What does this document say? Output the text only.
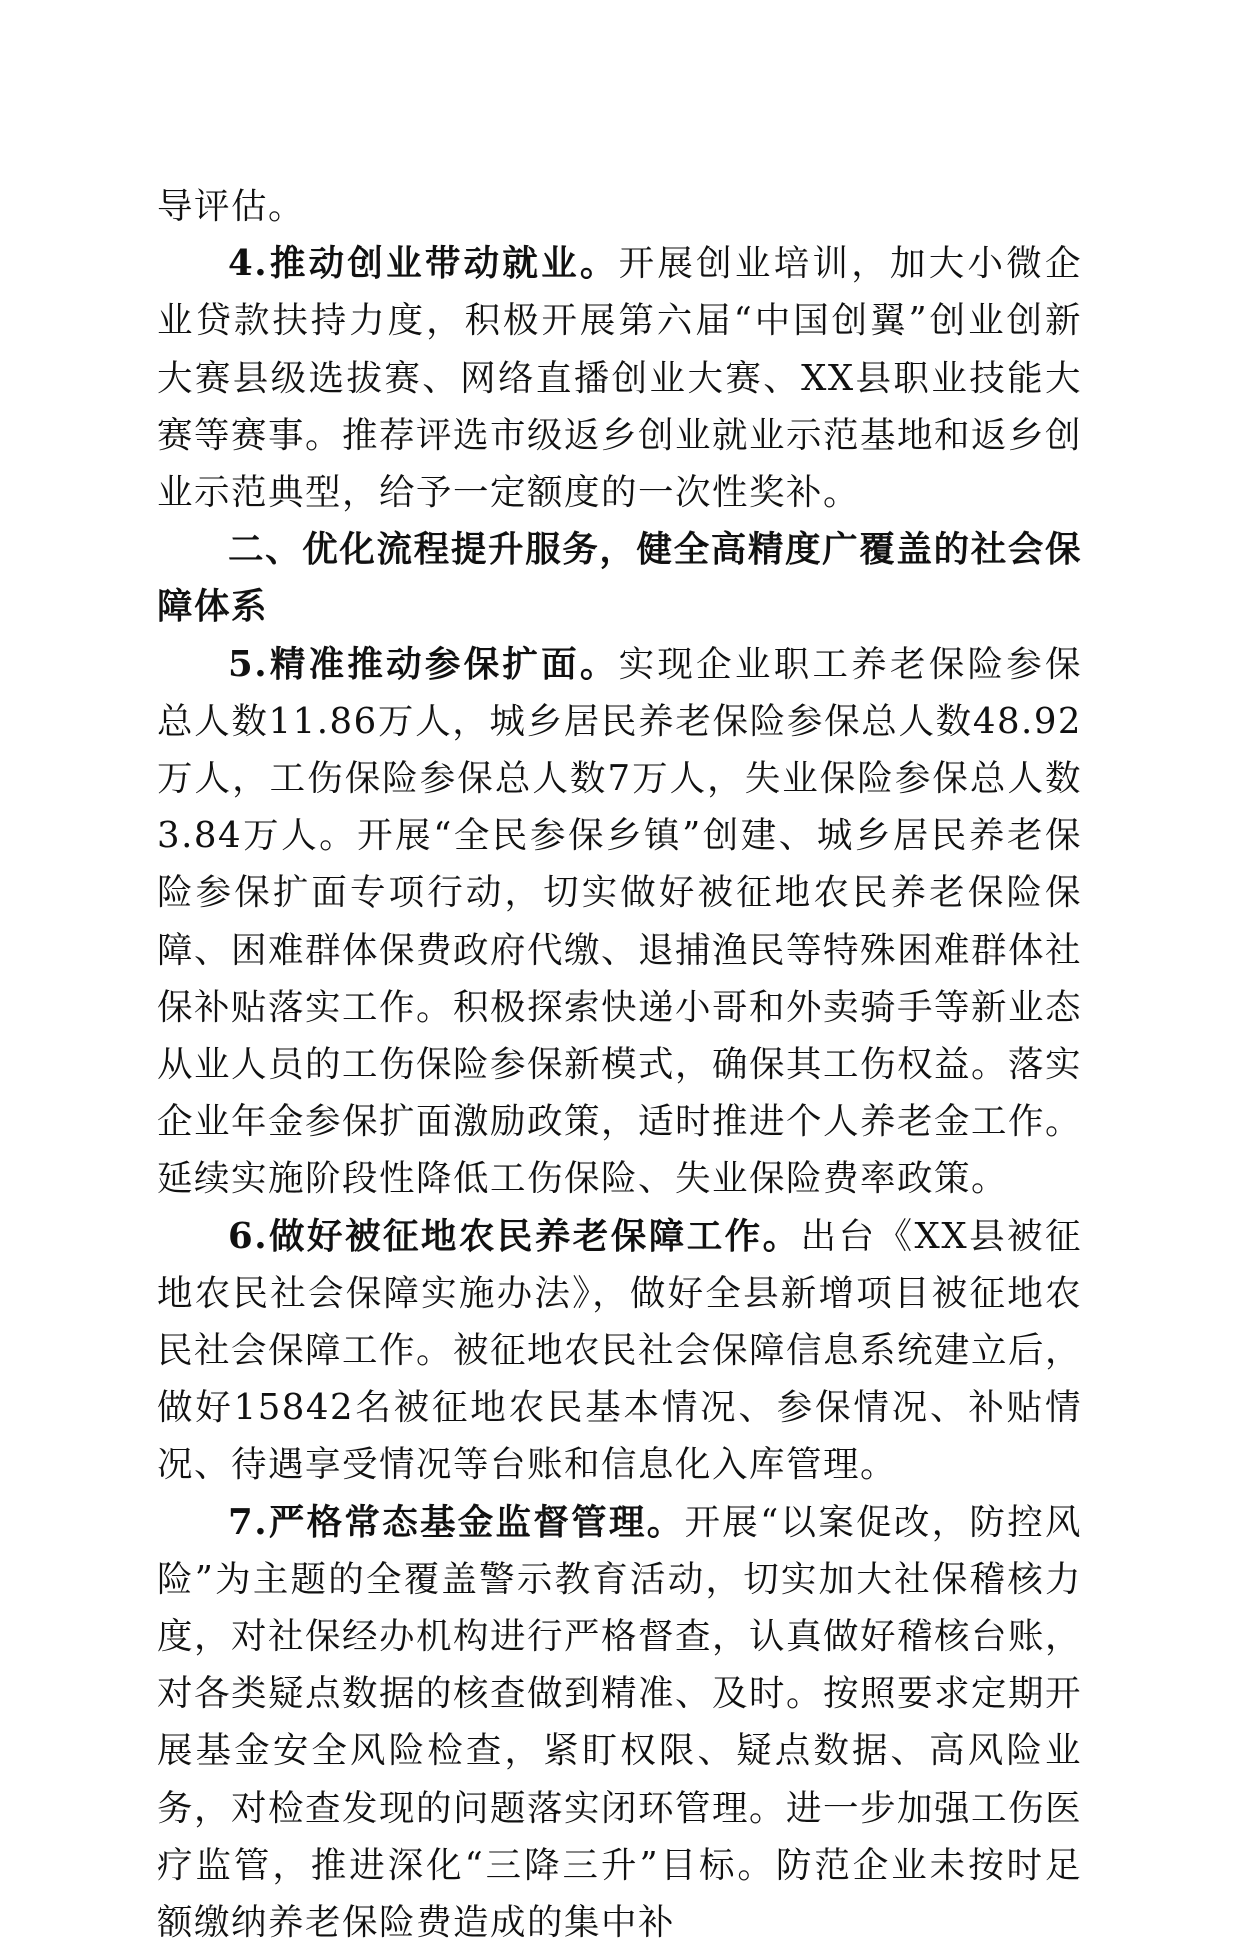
导评估。

4.推动创业带动就业。开展创业培训，加大小微企业贷款扶持力度，积极开展第六届“中国创翼”创业创新大赛县级选拔赛、网络直播创业大赛、XX县职业技能大赛等赛事。推荐评选市级返乡创业就业示范基地和返乡创业示范典型，给予一定额度的一次性奖补。

二、优化流程提升服务，健全高精度广覆盖的社会保障体系

5.精准推动参保扩面。实现企业职工养老保险参保总人数11.86万人，城乡居民养老保险参保总人数48.92万人，工伤保险参保总人数7万人，失业保险参保总人数3.84万人。开展“全民参保乡镇”创建、城乡居民养老保险参保扩面专项行动，切实做好被征地农民养老保险保障、困难群体保费政府代缴、退捕渔民等特殊困难群体社保补贴落实工作。积极探索快递小哥和外卖骑手等新业态从业人员的工伤保险参保新模式，确保其工伤权益。落实企业年金参保扩面激励政策，适时推进个人养老金工作。延续实施阶段性降低工伤保险、失业保险费率政策。

6.做好被征地农民养老保障工作。出台《XX县被征地农民社会保障实施办法》，做好全县新增项目被征地农民社会保障工作。被征地农民社会保障信息系统建立后，做好15842名被征地农民基本情况、参保情况、补贴情况、待遇享受情况等台账和信息化入库管理。

7.严格常态基金监督管理。开展“以案促改，防控风险”为主题的全覆盖警示教育活动，切实加大社保稽核力度，对社保经办机构进行严格督查，认真做好稽核台账，对各类疑点数据的核查做到精准、及时。按照要求定期开展基金安全风险检查，紧盯权限、疑点数据、高风险业务，对检查发现的问题落实闭环管理。进一步加强工伤医疗监管，推进深化“三降三升”目标。防范企业未按时足额缴纳养老保险费造成的集中补
